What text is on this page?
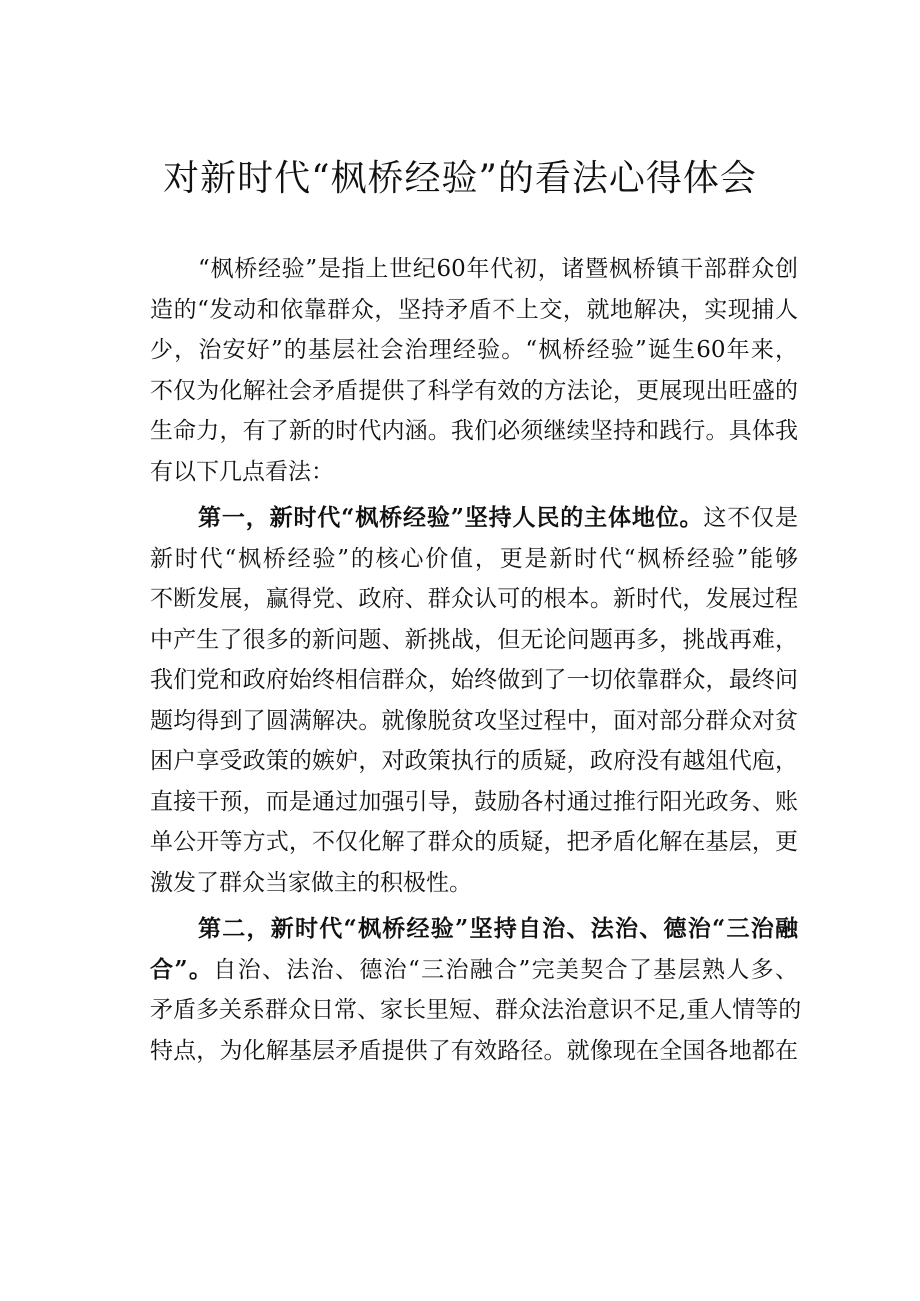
对新时代“枫桥经验”的看法心得体会
“枫桥经验”是指上世纪60年代初，诸暨枫桥镇干部群众创
造的“发动和依靠群众，坚持矛盾不上交，就地解决，实现捕人
少，治安好”的基层社会治理经验。“枫桥经验”诞生60年来，
不仅为化解社会矛盾提供了科学有效的方法论，更展现出旺盛的
生命力，有了新的时代内涵。我们必须继续坚持和践行。具体我
有以下几点看法：
第一，新时代“枫桥经验”坚持人民的主体地位。这不仅是
新时代“枫桥经验”的核心价值，更是新时代“枫桥经验”能够
不断发展，赢得党、政府、群众认可的根本。新时代，发展过程
中产生了很多的新问题、新挑战，但无论问题再多，挑战再难，
我们党和政府始终相信群众，始终做到了一切依靠群众，最终问
题均得到了圆满解决。就像脱贫攻坚过程中，面对部分群众对贫
困户享受政策的嫉妒，对政策执行的质疑，政府没有越俎代庖，
直接干预，而是通过加强引导，鼓励各村通过推行阳光政务、账
单公开等方式，不仅化解了群众的质疑，把矛盾化解在基层，更
激发了群众当家做主的积极性。
第二，新时代“枫桥经验”坚持自治、法治、德治“三治融
合”。自治、法治、德治“三治融合”完美契合了基层熟人多、
矛盾多关系群众日常、家长里短、群众法治意识不足,重人情等的
特点，为化解基层矛盾提供了有效路径。就像现在全国各地都在
